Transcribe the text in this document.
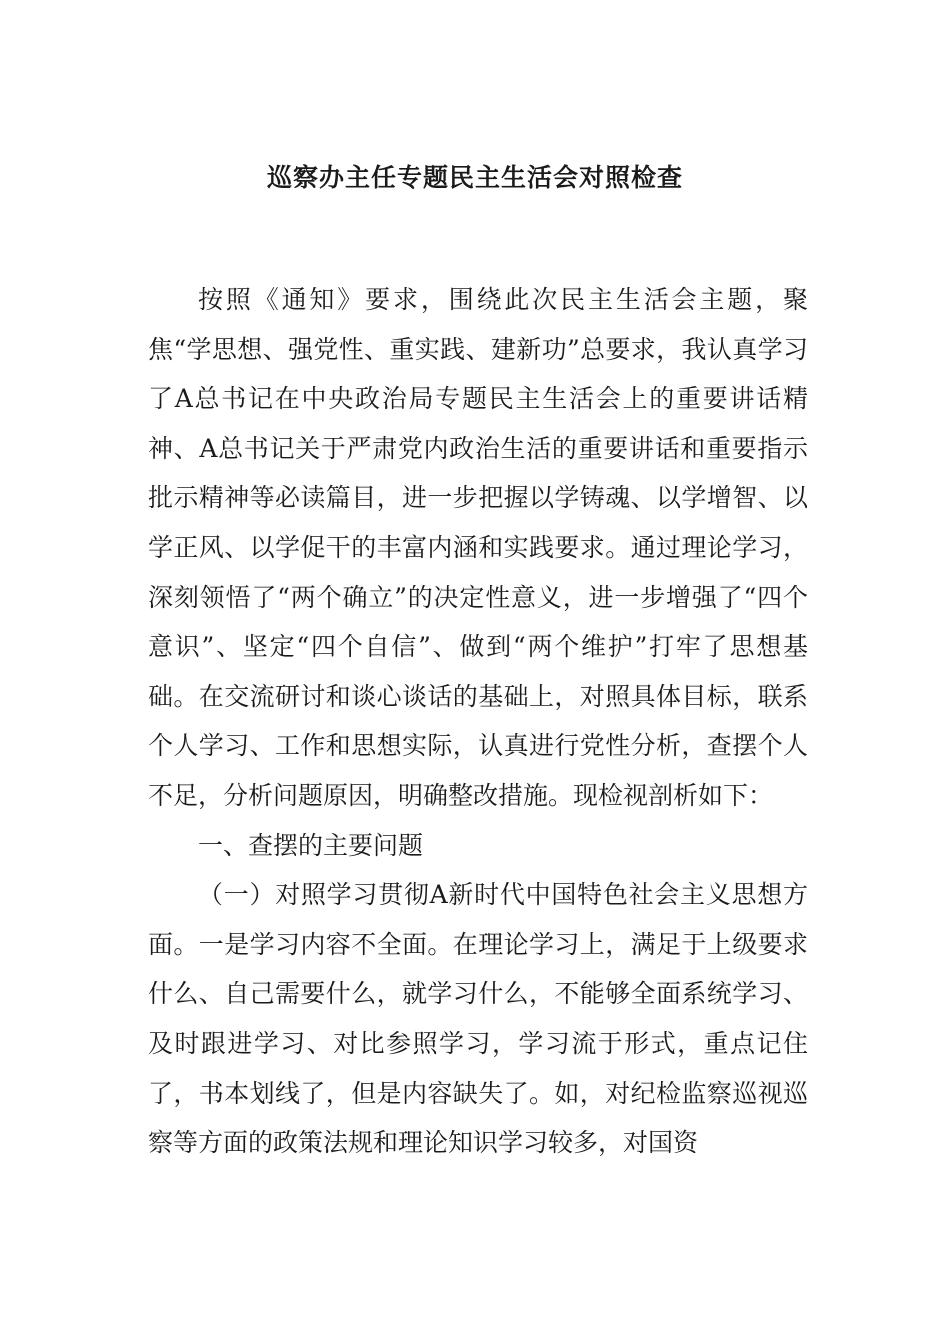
巡察办主任专题民主生活会对照检查

按照《通知》要求，围绕此次民主生活会主题，聚焦“学思想、强党性、重实践、建新功”总要求，我认真学习了A总书记在中央政治局专题民主生活会上的重要讲话精神、A总书记关于严肃党内政治生活的重要讲话和重要指示批示精神等必读篇目，进一步把握以学铸魂、以学增智、以学正风、以学促干的丰富内涵和实践要求。通过理论学习，深刻领悟了“两个确立”的决定性意义，进一步增强了“四个意识”、坚定“四个自信”、做到“两个维护”打牢了思想基础。在交流研讨和谈心谈话的基础上，对照具体目标，联系个人学习、工作和思想实际，认真进行党性分析，查摆个人不足，分析问题原因，明确整改措施。现检视剖析如下：

一、查摆的主要问题

（一）对照学习贯彻A新时代中国特色社会主义思想方面。一是学习内容不全面。在理论学习上，满足于上级要求什么、自己需要什么，就学习什么，不能够全面系统学习、及时跟进学习、对比参照学习，学习流于形式，重点记住了，书本划线了，但是内容缺失了。如，对纪检监察巡视巡察等方面的政策法规和理论知识学习较多，对国资
